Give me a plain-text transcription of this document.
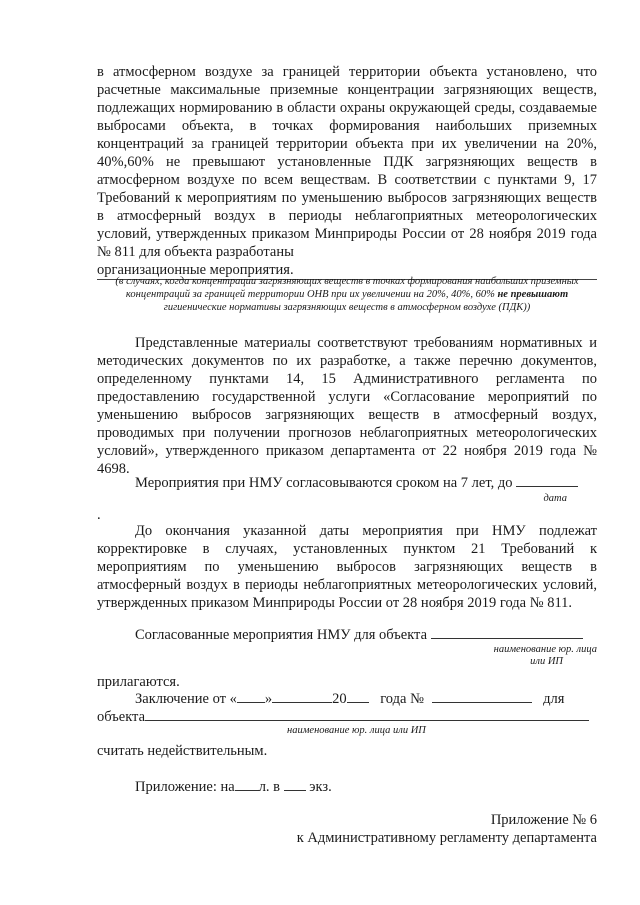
в атмосферном воздухе за границей территории объекта установлено, что расчетные максимальные приземные концентрации загрязняющих веществ, подлежащих нормированию в области охраны окружающей среды, создаваемые выбросами объекта, в точках формирования наибольших приземных концентраций за границей территории объекта при их увеличении на 20%, 40%,60% не превышают установленные ПДК загрязняющих веществ в атмосферном воздухе по всем веществам. В соответствии с пунктами 9, 17 Требований к мероприятиям по уменьшению выбросов загрязняющих веществ в атмосферный воздух в периоды неблагоприятных метеорологических условий, утвержденных приказом Минприроды России от 28 ноября 2019 года № 811 для объекта разработаны
организационные мероприятия.

(в случаях, когда концентрации загрязняющих веществ в точках формирования наибольших приземных концентраций за границей территории ОНВ при их увеличении на 20%, 40%, 60% не превышают гигиенические нормативы загрязняющих веществ в атмосферном воздухе (ПДК))

Представленные материалы соответствуют требованиям нормативных и методических документов по их разработке, а также перечню документов, определенному пунктами 14, 15 Административного регламента по предоставлению государственной услуги «Согласование мероприятий по уменьшению выбросов загрязняющих веществ в атмосферный воздух, проводимых при получении прогнозов неблагоприятных метеорологических условий», утвержденного приказом департамента от 22 ноября 2019 года № 4698.

Мероприятия при НМУ согласовываются сроком на 7 лет, до

дата

.

До окончания указанной даты мероприятия при НМУ подлежат корректировке в случаях, установленных пунктом 21 Требований к мероприятиям по уменьшению выбросов загрязняющих веществ в атмосферный воздух в периоды неблагоприятных метеорологических условий, утвержденных приказом Минприроды России от 28 ноября 2019 года № 811.

Согласованные мероприятия НМУ для объекта

наименование юр. лица
или ИП

прилагаются.

Заключение от « »	20 года №	для

объекта

наименование юр. лица или ИП

считать недействительным.

Приложение: на л. в экз.

Приложение № 6

к Административному регламенту департамента
